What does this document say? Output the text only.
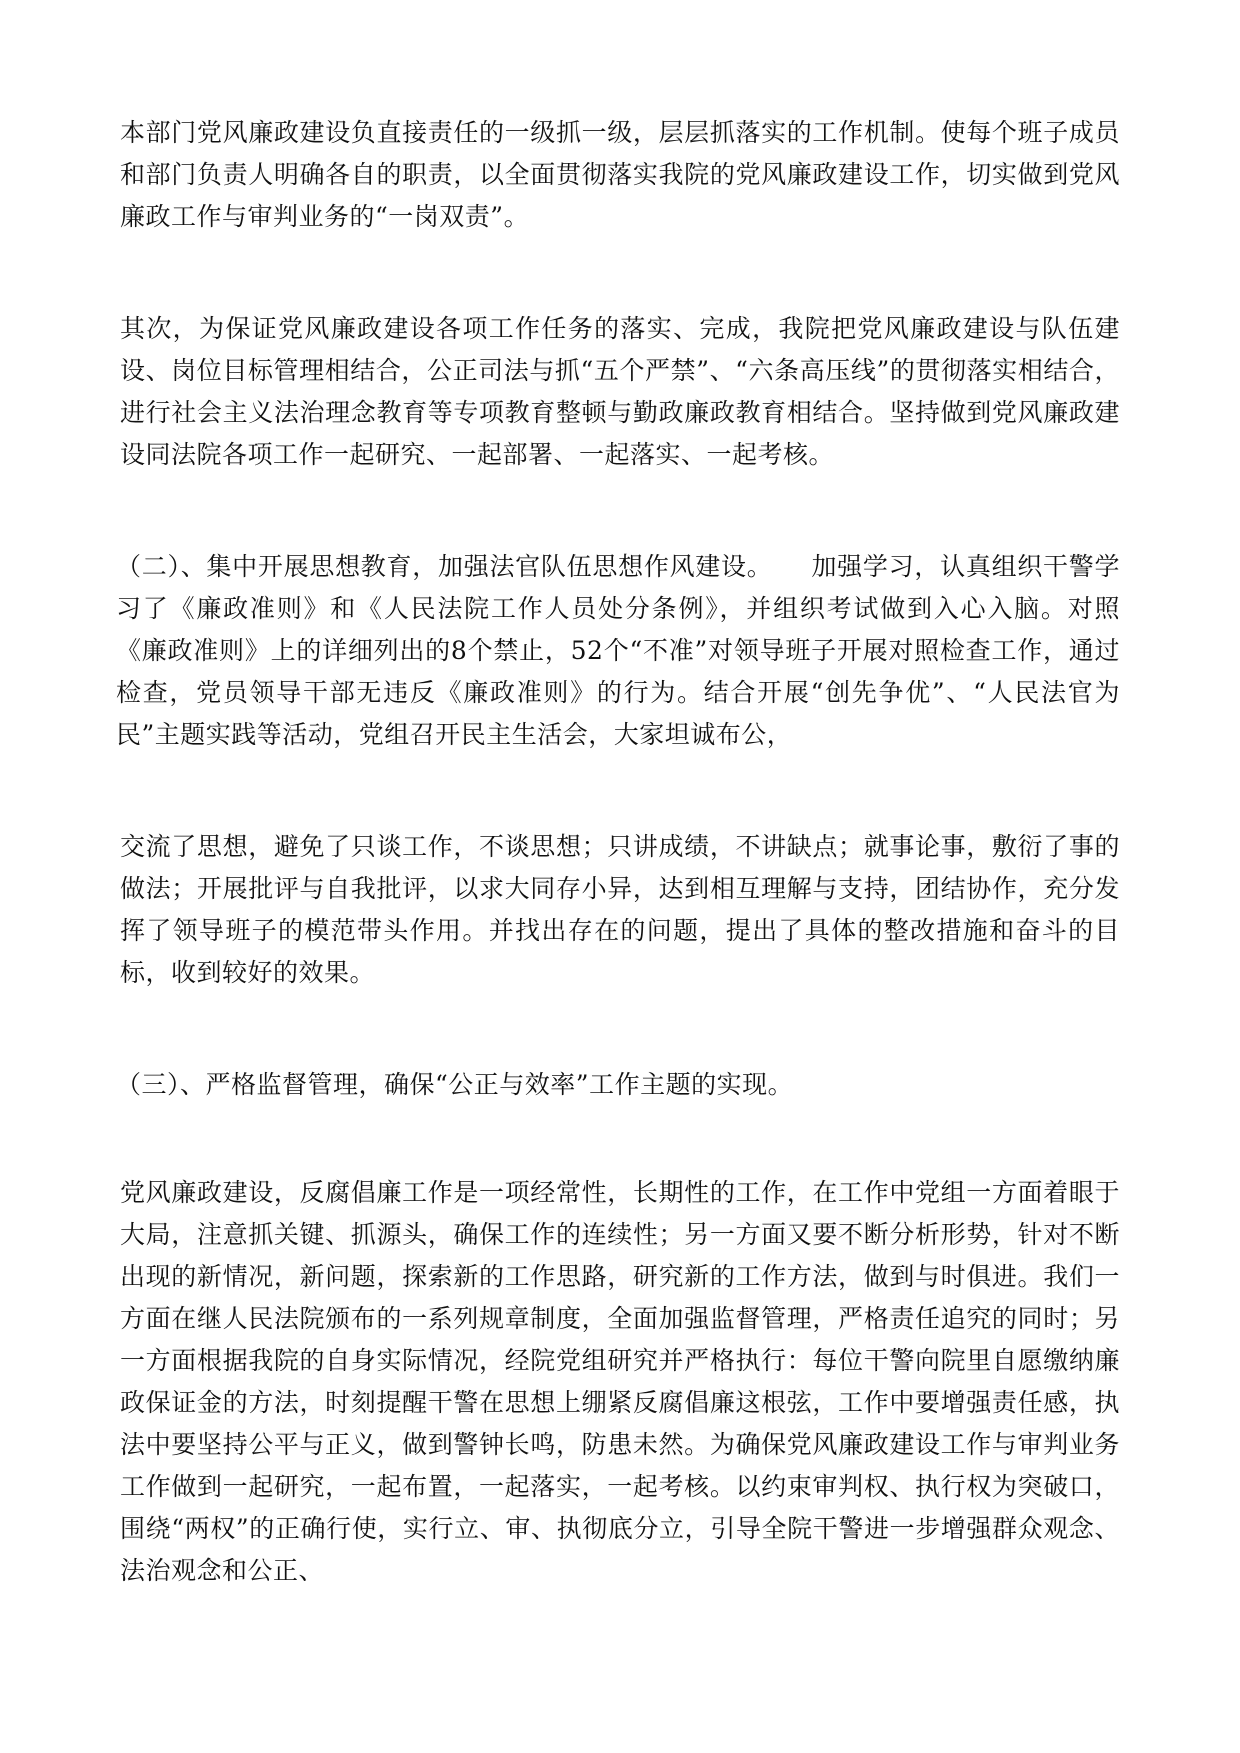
本部门党风廉政建设负直接责任的一级抓一级，层层抓落实的工作机制。使每个班子成员和部门负责人明确各自的职责，以全面贯彻落实我院的党风廉政建设工作，切实做到党风廉政工作与审判业务的“一岗双责”。

其次，为保证党风廉政建设各项工作任务的落实、完成，我院把党风廉政建设与队伍建设、岗位目标管理相结合，公正司法与抓“五个严禁”、“六条高压线”的贯彻落实相结合，进行社会主义法治理念教育等专项教育整顿与勤政廉政教育相结合。坚持做到党风廉政建设同法院各项工作一起研究、一起部署、一起落实、一起考核。

（二）、集中开展思想教育，加强法官队伍思想作风建设。　　加强学习，认真组织干警学习了《廉政准则》和《人民法院工作人员处分条例》，并组织考试做到入心入脑。对照《廉政准则》上的详细列出的8个禁止，52个“不准”对领导班子开展对照检查工作，通过检查，党员领导干部无违反《廉政准则》的行为。结合开展“创先争优”、“人民法官为民”主题实践等活动，党组召开民主生活会，大家坦诚布公，

交流了思想，避免了只谈工作，不谈思想；只讲成绩，不讲缺点；就事论事，敷衍了事的做法；开展批评与自我批评，以求大同存小异，达到相互理解与支持，团结协作，充分发挥了领导班子的模范带头作用。并找出存在的问题，提出了具体的整改措施和奋斗的目标，收到较好的效果。

（三）、严格监督管理，确保“公正与效率”工作主题的实现。

党风廉政建设，反腐倡廉工作是一项经常性，长期性的工作，在工作中党组一方面着眼于大局，注意抓关键、抓源头，确保工作的连续性；另一方面又要不断分析形势，针对不断出现的新情况，新问题，探索新的工作思路，研究新的工作方法，做到与时俱进。我们一方面在继人民法院颁布的一系列规章制度，全面加强监督管理，严格责任追究的同时；另一方面根据我院的自身实际情况，经院党组研究并严格执行：每位干警向院里自愿缴纳廉政保证金的方法，时刻提醒干警在思想上绷紧反腐倡廉这根弦，工作中要增强责任感，执法中要坚持公平与正义，做到警钟长鸣，防患未然。为确保党风廉政建设工作与审判业务工作做到一起研究，一起布置，一起落实，一起考核。以约束审判权、执行权为突破口，围绕“两权”的正确行使，实行立、审、执彻底分立，引导全院干警进一步增强群众观念、法治观念和公正、
